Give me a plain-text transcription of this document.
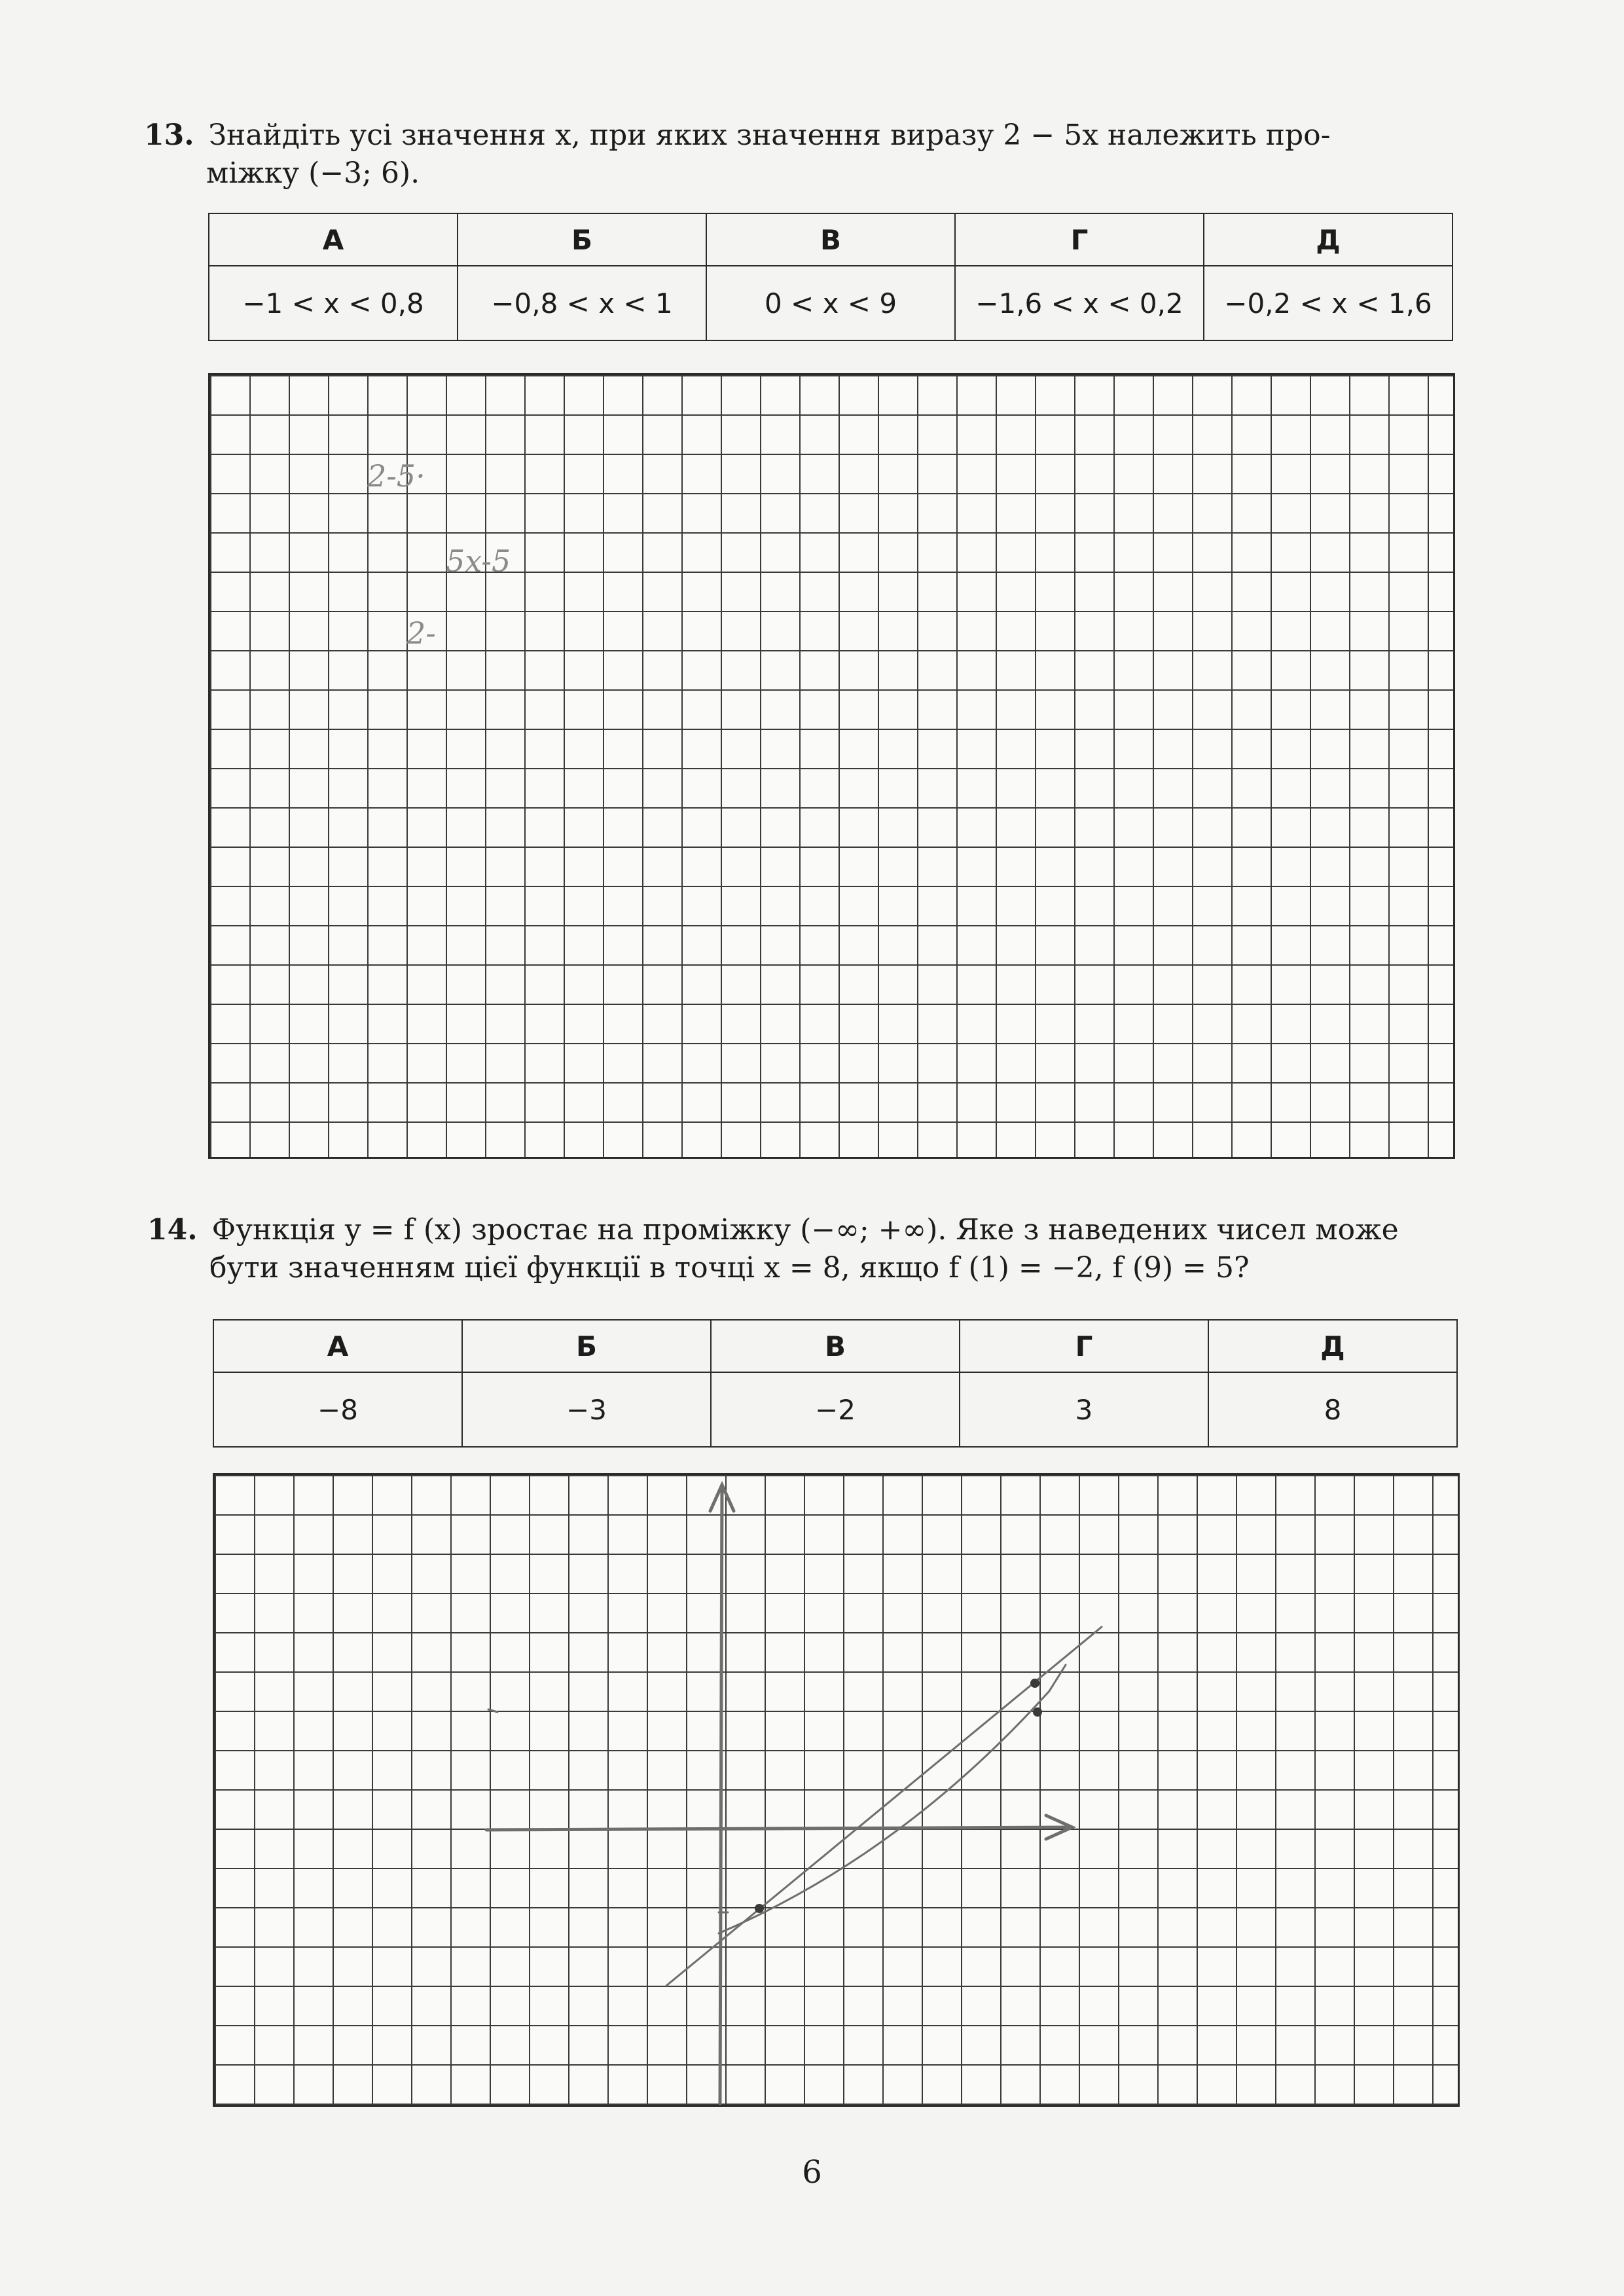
13. Знайдіть усі значення x, при яких значення виразу 2 − 5x належить про-
міжку (−3; 6).
А	Б	В	Г	Д
−1 < x < 0,8	−0,8 < x < 1	0 < x < 9	−1,6 < x < 0,2	−0,2 < x < 1,6
2-5·
5x-5
2-
14. Функція y = f (x) зростає на проміжку (−∞; +∞). Яке з наведених чисел може
бути значенням цієї функції в точці x = 8, якщо f (1) = −2, f (9) = 5?
А	Б	В	Г	Д
−8	−3	−2	3	8
6
